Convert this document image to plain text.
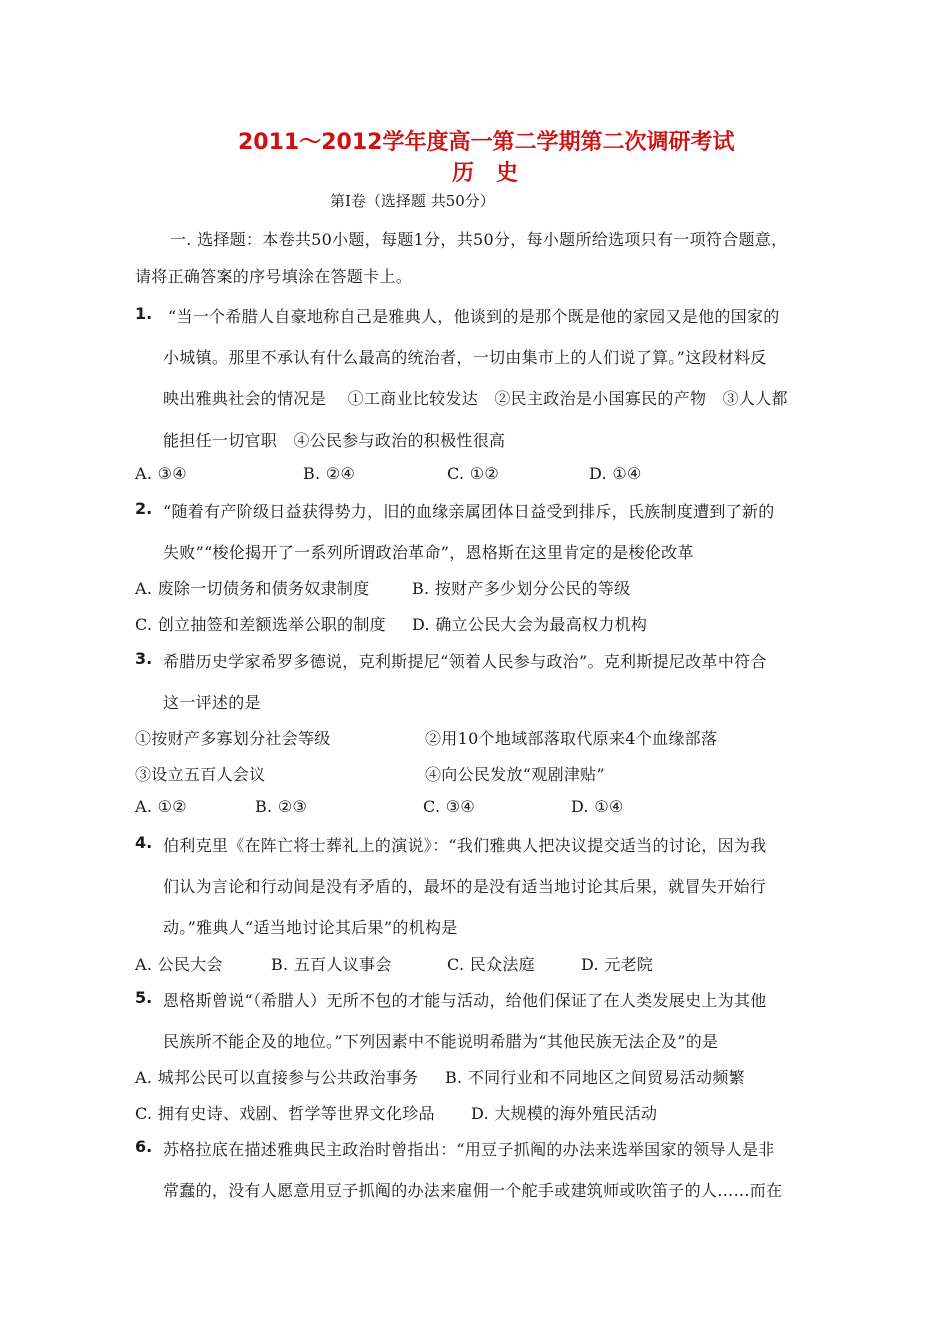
2011～2012学年度高一第二学期第二次调研考试
历　史
第Ⅰ卷（选择题 共50分）
一. 选择题：本卷共50小题，每题1分，共50分，每小题所给选项只有一项符合题意，
请将正确答案的序号填涂在答题卡上。
1. “当一个希腊人自豪地称自己是雅典人，他谈到的是那个既是他的家园又是他的国家的
小城镇。那里不承认有什么最高的统治者，一切由集市上的人们说了算。”这段材料反
映出雅典社会的情况是　 ①工商业比较发达　②民主政治是小国寡民的产物　③人人都
能担任一切官职　④公民参与政治的积极性很高
A. ③④	B. ②④	C. ①②	D. ①④
2. “随着有产阶级日益获得势力，旧的血缘亲属团体日益受到排斥，氏族制度遭到了新的
失败”“梭伦揭开了一系列所谓政治革命”，恩格斯在这里肯定的是梭伦改革
A. 废除一切债务和债务奴隶制度	B. 按财产多少划分公民的等级
C. 创立抽签和差额选举公职的制度 D. 确立公民大会为最高权力机构
3. 希腊历史学家希罗多德说，克利斯提尼“领着人民参与政治”。克利斯提尼改革中符合
这一评述的是
①按财产多寡划分社会等级	②用10个地域部落取代原来4个血缘部落
③设立五百人会议	④向公民发放“观剧津贴”
A. ①②	B. ②③	C. ③④	D. ①④
4. 伯利克里《在阵亡将士葬礼上的演说》：“我们雅典人把决议提交适当的讨论，因为我
们认为言论和行动间是没有矛盾的，最坏的是没有适当地讨论其后果，就冒失开始行
动。”雅典人“适当地讨论其后果”的机构是
A. 公民大会	B. 五百人议事会	C. 民众法庭	D. 元老院
5. 恩格斯曾说“（希腊人）无所不包的才能与活动，给他们保证了在人类发展史上为其他
民族所不能企及的地位。”下列因素中不能说明希腊为“其他民族无法企及”的是
A. 城邦公民可以直接参与公共政治事务 B. 不同行业和不同地区之间贸易活动频繁
C. 拥有史诗、戏剧、哲学等世界文化珍品 D. 大规模的海外殖民活动
6. 苏格拉底在描述雅典民主政治时曾指出：“用豆子抓阄的办法来选举国家的领导人是非
常蠢的，没有人愿意用豆子抓阄的办法来雇佣一个舵手或建筑师或吹笛子的人……而在
